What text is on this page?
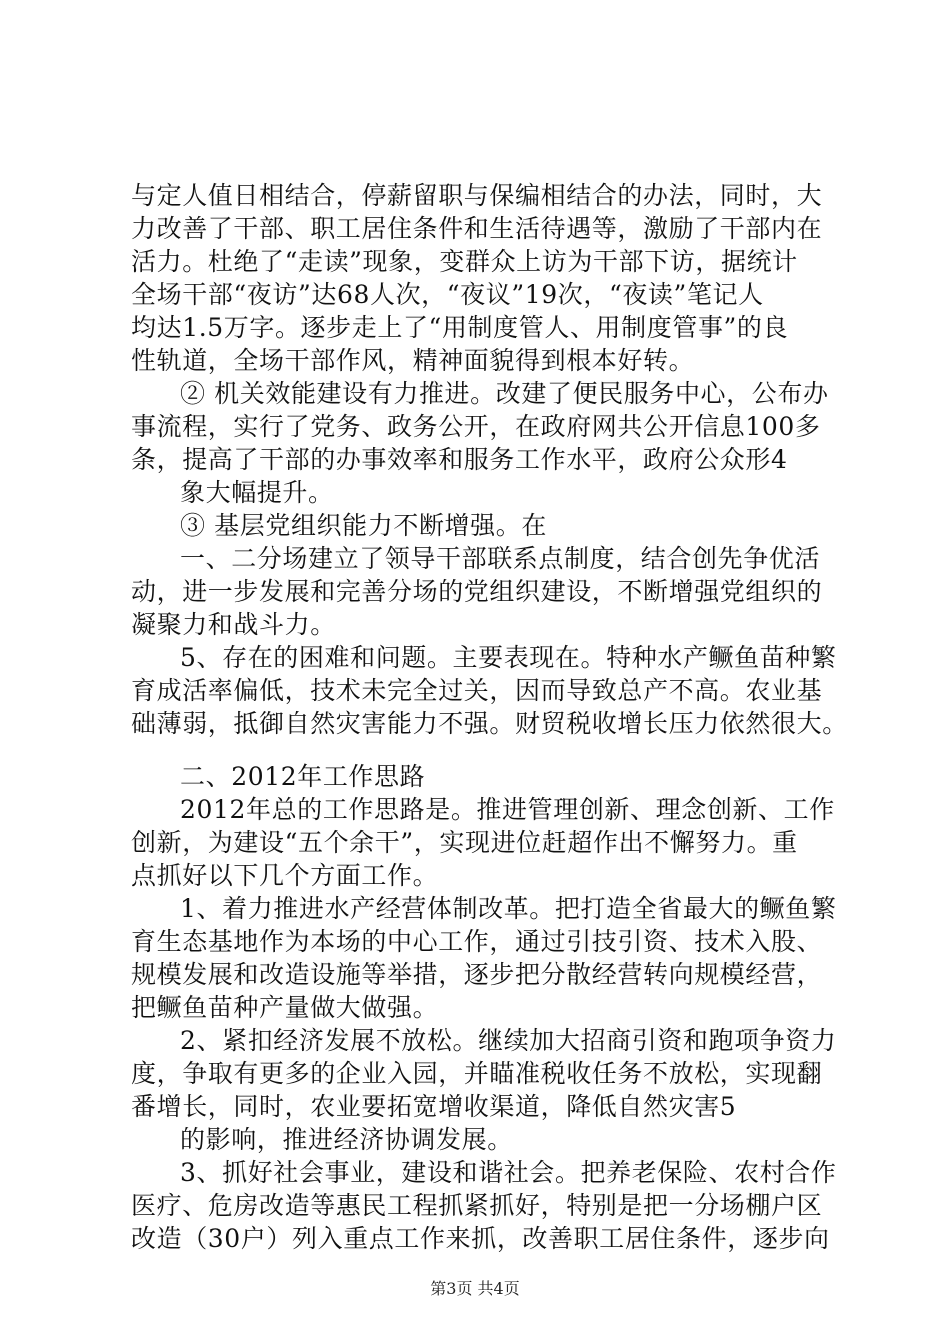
与定人值日相结合，停薪留职与保编相结合的办法，同时，大
力改善了干部、职工居住条件和生活待遇等，激励了干部内在
活力。杜绝了“走读”现象，变群众上访为干部下访，据统计
全场干部“夜访”达68人次，“夜议”19次，“夜读”笔记人
均达1.5万字。逐步走上了“用制度管人、用制度管事”的良
性轨道，全场干部作风，精神面貌得到根本好转。
② 机关效能建设有力推进。改建了便民服务中心，公布办
事流程，实行了党务、政务公开，在政府网共公开信息100多
条，提高了干部的办事效率和服务工作水平，政府公众形4
象大幅提升。
③ 基层党组织能力不断增强。在
一、二分场建立了领导干部联系点制度，结合创先争优活
动，进一步发展和完善分场的党组织建设，不断增强党组织的
凝聚力和战斗力。
5、存在的困难和问题。主要表现在。特种水产鳜鱼苗种繁
育成活率偏低，技术未完全过关，因而导致总产不高。农业基
础薄弱，抵御自然灾害能力不强。财贸税收增长压力依然很大。
二、2012年工作思路
2012年总的工作思路是。推进管理创新、理念创新、工作
创新，为建设“五个余干”，实现进位赶超作出不懈努力。重
点抓好以下几个方面工作。
1、着力推进水产经营体制改革。把打造全省最大的鳜鱼繁
育生态基地作为本场的中心工作，通过引技引资、技术入股、
规模发展和改造设施等举措，逐步把分散经营转向规模经营，
把鳜鱼苗种产量做大做强。
2、紧扣经济发展不放松。继续加大招商引资和跑项争资力
度，争取有更多的企业入园，并瞄准税收任务不放松，实现翻
番增长，同时，农业要拓宽增收渠道，降低自然灾害5
的影响，推进经济协调发展。
3、抓好社会事业，建设和谐社会。把养老保险、农村合作
医疗、危房改造等惠民工程抓紧抓好，特别是把一分场棚户区
改造（30户）列入重点工作来抓，改善职工居住条件，逐步向
第3页 共4页
